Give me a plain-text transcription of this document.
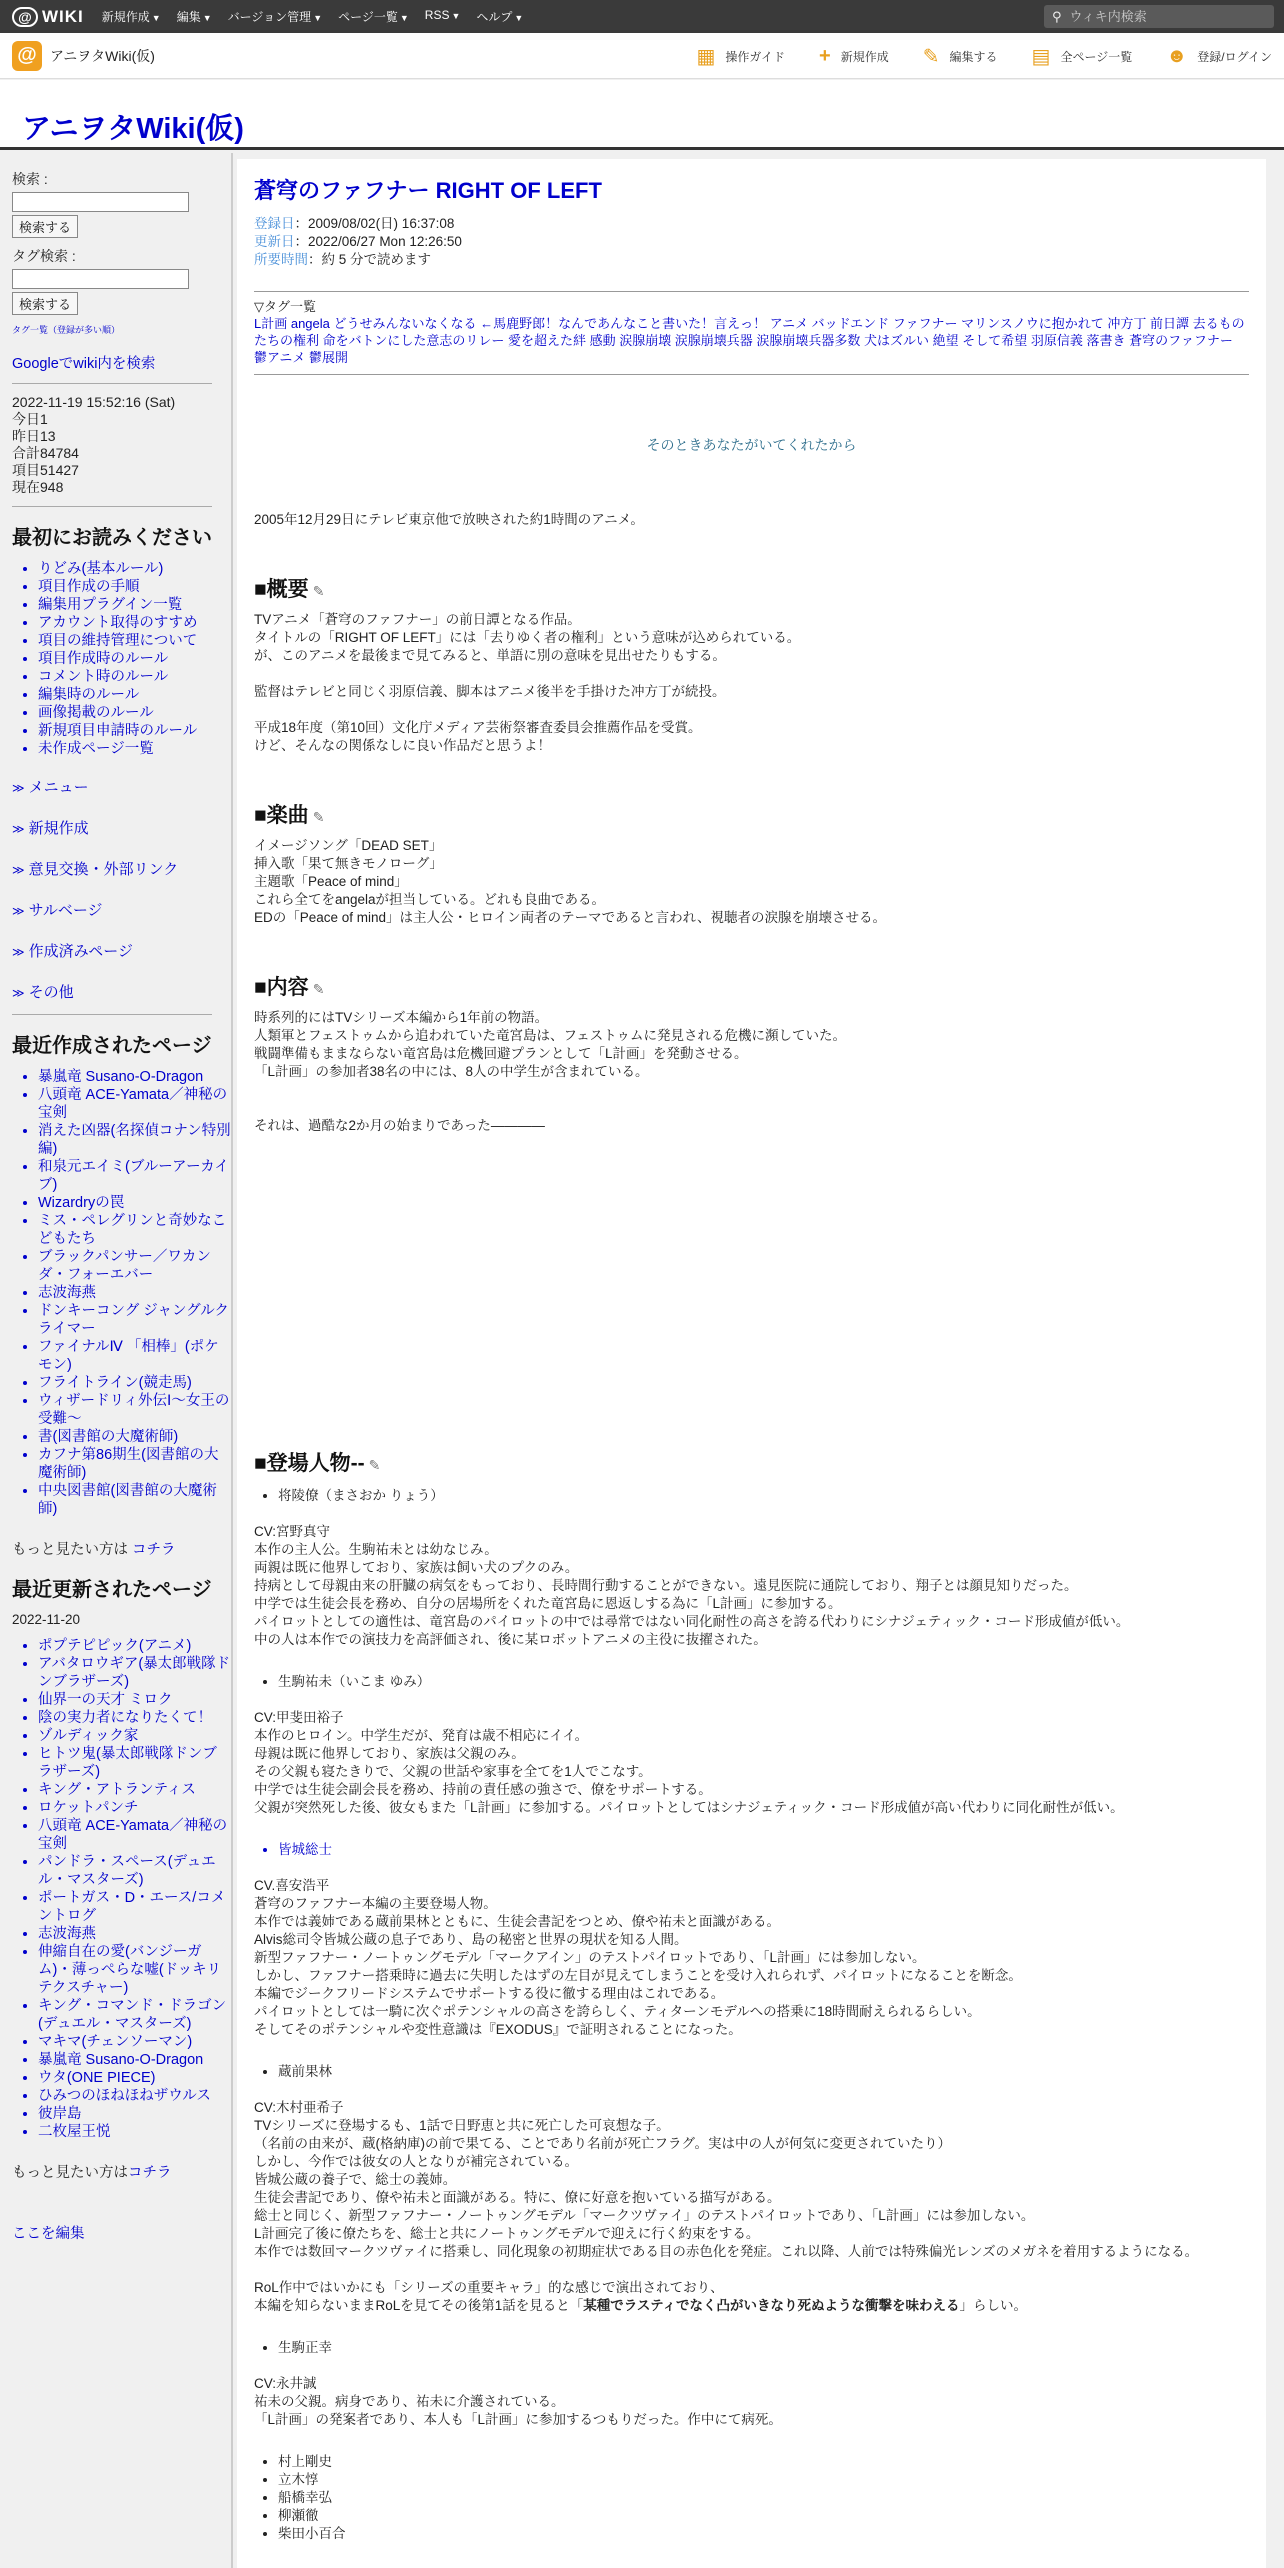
@ WIKI 新規作成 ▼ 編集 ▼ バージョン管理 ▼ ページ一覧 ▼ RSS ▼ ヘルプ ▼	⚲
ウィキ内検索
@ アニヲタWiki(仮)	▦ 操作ガイド + 新規作成 ✎ 編集する ▤ 全ページ一覧 ☻ 登録/ログイン
アニヲタWiki(仮)
検索 :
検索する
タグ検索 :
検索する
タグ一覧（登録が多い順）
Googleでwiki内を検索
2022-11-19 15:52:16 (Sat)
今日1
昨日13
合計84784
項目51427
現在948
最初にお読みください
• りどみ(基本ルール)
• 項目作成の手順
• 編集用プラグイン一覧
• アカウント取得のすすめ
• 項目の維持管理について
• 項目作成時のルール
• コメント時のルール
• 編集時のルール
• 画像掲載のルール
• 新規項目申請時のルール
• 未作成ページ一覧
≫ メニュー
≫ 新規作成
≫ 意見交換・外部リンク
≫ サルベージ
≫ 作成済みページ
≫ その他
最近作成されたページ
• 暴嵐竜 Susano-O-Dragon
• 八頭竜 ACE-Yamata／神秘の宝剣
• 消えた凶器(名探偵コナン特別編)
• 和泉元エイミ(ブルーアーカイブ)
• Wizardryの罠
• ミス・ペレグリンと奇妙なこどもたち
• ブラックパンサー／ワカンダ・フォーエバー
• 志波海燕
• ドンキーコング ジャングルクライマー
• ファイナルⅣ 「相棒」(ポケモン)
• フライトライン(競走馬)
• ウィザードリィ外伝Ⅰ～女王の受難～
• 書(図書館の大魔術師)
• カフナ第86期生(図書館の大魔術師)
• 中央図書館(図書館の大魔術師)
もっと見たい方は コチラ
最近更新されたページ
2022-11-20
• ポプテピピック(アニメ)
• アバタロウギア(暴太郎戦隊ドンブラザーズ)
• 仙界一の天才 ミロク
• 陰の実力者になりたくて！
• ゾルディック家
• ヒトツ鬼(暴太郎戦隊ドンブラザーズ)
• キング・アトランティス
• ロケットパンチ
• 八頭竜 ACE-Yamata／神秘の宝剣
• パンドラ・スペース(デュエル・マスターズ)
• ポートガス・D・エース/コメントログ
• 志波海燕
• 伸縮自在の愛(バンジーガム)・薄っぺらな嘘(ドッキリテクスチャー)
• キング・コマンド・ドラゴン(デュエル・マスターズ)
• マキマ(チェンソーマン)
• 暴嵐竜 Susano-O-Dragon
• ウタ(ONE PIECE)
• ひみつのほねほねザウルス
• 彼岸島
• 二枚屋王悦
もっと見たい方はコチラ
ここを編集
蒼穹のファフナー RIGHT OF LEFT
登録日：2009/08/02(日) 16:37:08
更新日：2022/06/27 Mon 12:26:50
所要時間：約 5 分で読めます
▽タグ一覧
L計画 angela どうせみんないなくなる ←馬鹿野郎！なんであんなこと書いた！言えっ！ アニメ バッドエンド ファフナー マリンスノウに抱かれて 冲方丁 前日譚 去るものたちの権利 命をバトンにした意志のリレー 愛を超えた絆 感動 涙腺崩壊 涙腺崩壊兵器 涙腺崩壊兵器多数 犬はズルい 絶望 そして希望 羽原信義 落書き 蒼穹のファフナー 鬱アニメ 鬱展開
そのときあなたがいてくれたから

2005年12月29日にテレビ東京他で放映された約1時間のアニメ。

■概要 ✎

TVアニメ「蒼穹のファフナー」の前日譚となる作品。

タイトルの「RIGHT OF LEFT」には「去りゆく者の権利」という意味が込められている。

が、このアニメを最後まで見てみると、単語に別の意味を見出せたりもする。

監督はテレビと同じく羽原信義、脚本はアニメ後半を手掛けた冲方丁が続投。

平成18年度（第10回）文化庁メディア芸術祭審査委員会推薦作品を受賞。

けど、そんなの関係なしに良い作品だと思うよ！

■楽曲 ✎

イメージソング「DEAD SET」

挿入歌「果て無きモノローグ」

主題歌「Peace of mind」

これら全てをangelaが担当している。どれも良曲である。

EDの「Peace of mind」は主人公・ヒロイン両者のテーマであると言われ、視聴者の涙腺を崩壊させる。

■内容 ✎

時系列的にはTVシリーズ本編から1年前の物語。

人類軍とフェストゥムから追われていた竜宮島は、フェストゥムに発見される危機に瀕していた。

戦闘準備もままならない竜宮島は危機回避プランとして「L計画」を発動させる。

「L計画」の参加者38名の中には、8人の中学生が含まれている。

それは、過酷な2か月の始まりであった――――

■登場人物-- ✎
• 将陵僚（まさおか りょう）

CV:宮野真守

本作の主人公。生駒祐未とは幼なじみ。

両親は既に他界しており、家族は飼い犬のプクのみ。

持病として母親由来の肝臓の病気をもっており、長時間行動することができない。遠見医院に通院しており、翔子とは顔見知りだった。

中学では生徒会長を務め、自分の居場所をくれた竜宮島に恩返しする為に「L計画」に参加する。

パイロットとしての適性は、竜宮島のパイロットの中では尋常ではない同化耐性の高さを誇る代わりにシナジェティック・コード形成値が低い。

中の人は本作での演技力を高評価され、後に某ロボットアニメの主役に抜擢された。

• 生駒祐未（いこま ゆみ）

CV:甲斐田裕子

本作のヒロイン。中学生だが、発育は歳不相応にイイ。

母親は既に他界しており、家族は父親のみ。

その父親も寝たきりで、父親の世話や家事を全てを1人でこなす。

中学では生徒会副会長を務め、持前の責任感の強さで、僚をサポートする。

父親が突然死した後、彼女もまた「L計画」に参加する。パイロットとしてはシナジェティック・コード形成値が高い代わりに同化耐性が低い。

• 皆城総士

CV.喜安浩平

蒼穹のファフナー本編の主要登場人物。

本作では義姉である蔵前果林とともに、生徒会書記をつとめ、僚や祐未と面識がある。

Alvis総司令皆城公蔵の息子であり、島の秘密と世界の現状を知る人間。

新型ファフナー・ノートゥングモデル「マークアイン」のテストパイロットであり、「L計画」には参加しない。

しかし、ファフナー搭乗時に過去に失明したはずの左目が見えてしまうことを受け入れられず、パイロットになることを断念。

本編でジークフリードシステムでサポートする役に徹する理由はこれである。

パイロットとしては一騎に次ぐポテンシャルの高さを誇らしく、ティターンモデルへの搭乗に18時間耐えられるらしい。

そしてそのポテンシャルや変性意識は『EXODUS』で証明されることになった。

• 蔵前果林

CV:木村亜希子

TVシリーズに登場するも、1話で日野恵と共に死亡した可哀想な子。

（名前の由来が、蔵(格納庫)の前で果てる、ことであり名前が死亡フラグ。実は中の人が何気に変更されていたり）

しかし、今作では彼女の人となりが補完されている。

皆城公蔵の養子で、総士の義姉。

生徒会書記であり、僚や祐未と面識がある。特に、僚に好意を抱いている描写がある。

総士と同じく、新型ファフナー・ノートゥングモデル「マークツヴァイ」のテストパイロットであり、「L計画」には参加しない。

L計画完了後に僚たちを、総士と共にノートゥングモデルで迎えに行く約束をする。

本作では数回マークツヴァイに搭乗し、同化現象の初期症状である目の赤色化を発症。これ以降、人前では特殊偏光レンズのメガネを着用するようになる。

RoL作中ではいかにも「シリーズの重要キャラ」的な感じで演出されており、

本編を知らないままRoLを見てその後第1話を見ると「某種でラスティでなく凸がいきなり死ぬような衝撃を味わえる」らしい。

• 生駒正幸

CV:永井誠

祐未の父親。病身であり、祐未に介護されている。

「L計画」の発案者であり、本人も「L計画」に参加するつもりだった。作中にて病死。

• 村上剛史
• 立木惇
• 船橋幸弘
• 柳瀬徹
• 柴田小百合
